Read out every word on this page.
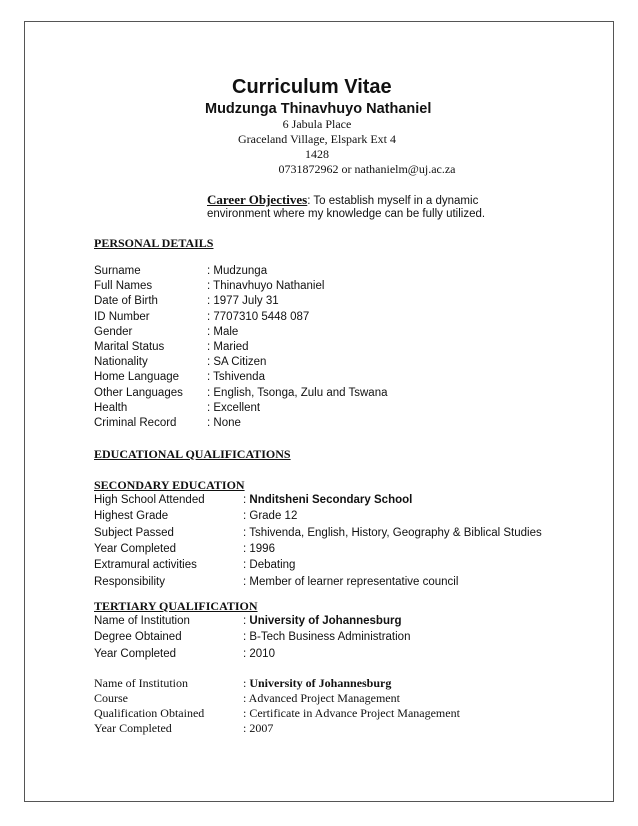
Curriculum Vitae
Mudzunga Thinavhuyo Nathaniel
6 Jabula Place
Graceland Village, Elspark Ext 4
1428
0731872962 or nathanielm@uj.ac.za
Career Objectives: To establish myself in a dynamic
environment where my knowledge can be fully utilized.
PERSONAL DETAILS
Surname	: Mudzunga
Full Names	: Thinavhuyo Nathaniel
Date of Birth	: 1977 July 31
ID Number	: 7707310 5448 087
Gender	: Male
Marital Status	: Maried
Nationality	: SA Citizen
Home Language : Tshivenda
Other Languages : English, Tsonga, Zulu and Tswana
Health	: Excellent
Criminal Record	: None
EDUCATIONAL QUALIFICATIONS
SECONDARY EDUCATION
High School Attended	: Nnditsheni Secondary School
Highest Grade	: Grade 12
Subject Passed	: Tshivenda, English, History, Geography & Biblical Studies
Year Completed	: 1996
Extramural activities	: Debating
Responsibility	: Member of learner representative council
TERTIARY QUALIFICATION
Name of Institution	: University of Johannesburg
Degree Obtained	: B-Tech Business Administration
Year Completed	: 2010
Name of Institution	: University of Johannesburg
Course	: Advanced Project Management
Qualification Obtained	: Certificate in Advance Project Management
Year Completed	: 2007
